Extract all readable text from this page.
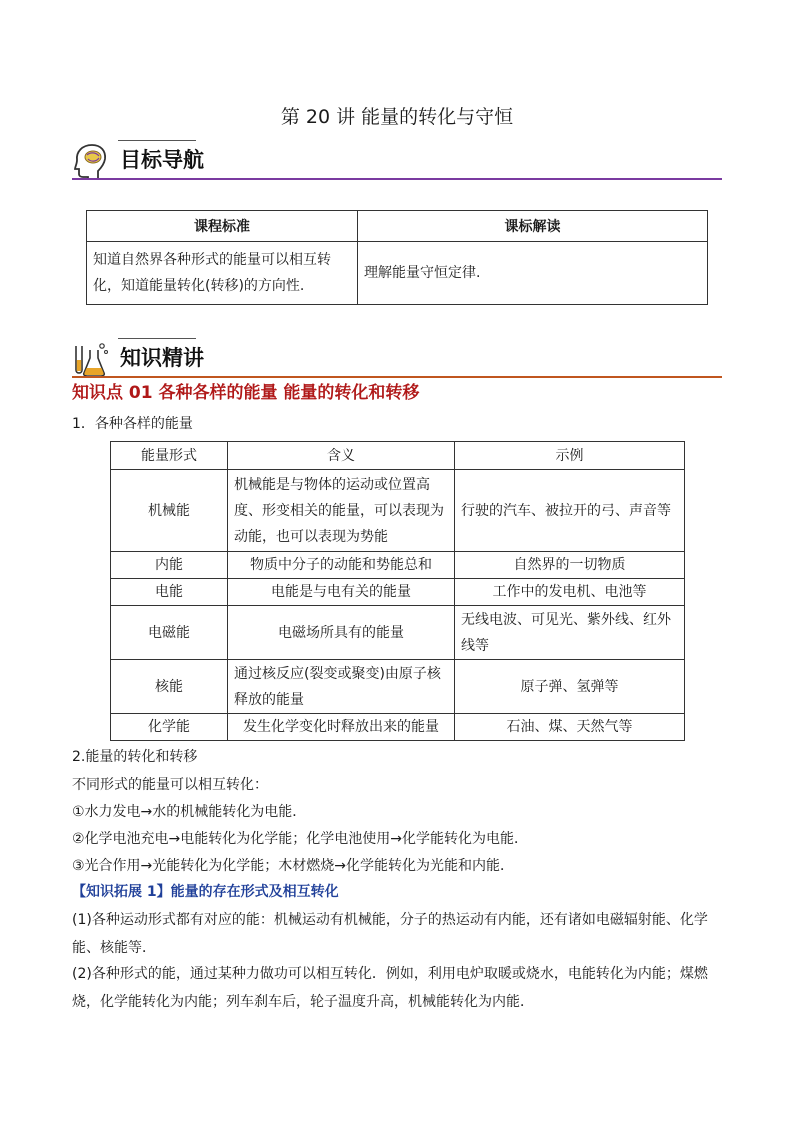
第 20 讲 能量的转化与守恒
目标导航
课程标准	课标解读
知道自然界各种形式的能量可以相互转化，知道能量转化(转移)的方向性.	理解能量守恒定律.
知识精讲
知识点 01 各种各样的能量 能量的转化和转移
1．各种各样的能量
能量形式	含义	示例
机械能	机械能是与物体的运动或位置高度、形变相关的能量，可以表现为动能，也可以表现为势能	行驶的汽车、被拉开的弓、声音等
内能	物质中分子的动能和势能总和	自然界的一切物质
电能	电能是与电有关的能量	工作中的发电机、电池等
电磁能	电磁场所具有的能量	无线电波、可见光、紫外线、红外线等
核能	通过核反应(裂变或聚变)由原子核释放的能量	原子弹、氢弹等
化学能	发生化学变化时释放出来的能量	石油、煤、天然气等
2.能量的转化和转移
不同形式的能量可以相互转化：
①水力发电→水的机械能转化为电能．
②化学电池充电→电能转化为化学能；化学电池使用→化学能转化为电能．
③光合作用→光能转化为化学能；木材燃烧→化学能转化为光能和内能．
【知识拓展 1】能量的存在形式及相互转化
(1)各种运动形式都有对应的能：机械运动有机械能，分子的热运动有内能，还有诸如电磁辐射能、化学能、核能等．
(2)各种形式的能，通过某种力做功可以相互转化．例如，利用电炉取暖或烧水，电能转化为内能；煤燃烧，化学能转化为内能；列车刹车后，轮子温度升高，机械能转化为内能．
